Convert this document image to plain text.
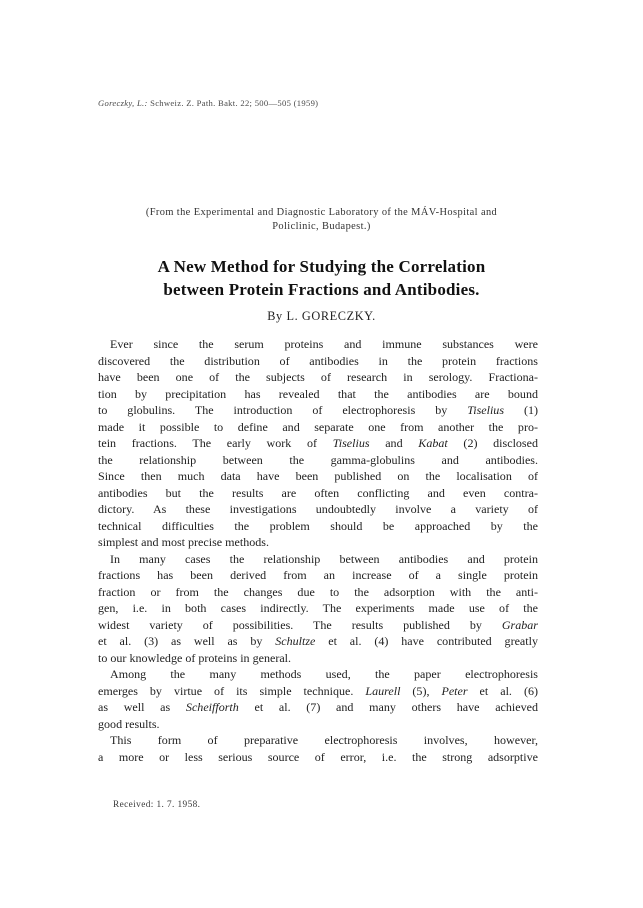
Goreczky, L.: Schweiz. Z. Path. Bakt. 22; 500—505 (1959)
(From the Experimental and Diagnostic Laboratory of the MÁV-Hospital and
Policlinic, Budapest.)
A New Method for Studying the Correlation
between Protein Fractions and Antibodies.
By L. GORECZKY.
Ever since the serum proteins and immune substances were
discovered the distribution of antibodies in the protein fractions
have been one of the subjects of research in serology. Fractiona-
tion by precipitation has revealed that the antibodies are bound
to globulins. The introduction of electrophoresis by Tiselius (1)
made it possible to define and separate one from another the pro-
tein fractions. The early work of Tiselius and Kabat (2) disclosed
the relationship between the gamma-globulins and antibodies.
Since then much data have been published on the localisation of
antibodies but the results are often conflicting and even contra-
dictory. As these investigations undoubtedly involve a variety of
technical difficulties the problem should be approached by the
simplest and most precise methods.
In many cases the relationship between antibodies and protein
fractions has been derived from an increase of a single protein
fraction or from the changes due to the adsorption with the anti-
gen, i.e. in both cases indirectly. The experiments made use of the
widest variety of possibilities. The results published by Grabar
et al. (3) as well as by Schultze et al. (4) have contributed greatly
to our knowledge of proteins in general.
Among the many methods used, the paper electrophoresis
emerges by virtue of its simple technique. Laurell (5), Peter et al. (6)
as well as Scheifforth et al. (7) and many others have achieved
good results.
This form of preparative electrophoresis involves, however,
a more or less serious source of error, i.e. the strong adsorptive
Received: 1. 7. 1958.
